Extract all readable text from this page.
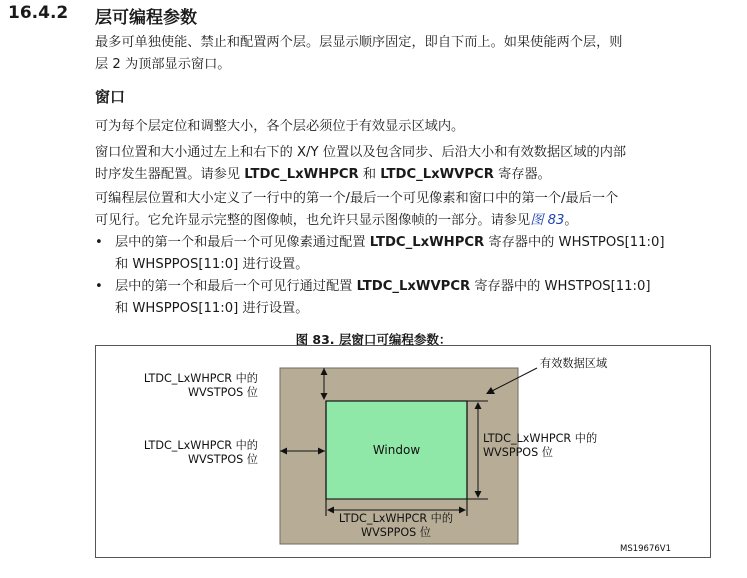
16.4.2 层可编程参数
最多可单独使能、禁止和配置两个层。层显示顺序固定，即自下而上。如果使能两个层，则
层 2 为顶部显示窗口。
窗口
可为每个层定位和调整大小，各个层必须位于有效显示区域内。
窗口位置和大小通过左上和右下的 X/Y 位置以及包含同步、后沿大小和有效数据区域的内部
时序发生器配置。请参见 LTDC_LxWHPCR 和 LTDC_LxWVPCR 寄存器。
可编程层位置和大小定义了一行中的第一个/最后一个可见像素和窗口中的第一个/最后一个
可见行。它允许显示完整的图像帧，也允许只显示图像帧的一部分。请参见图 83。
• 层中的第一个和最后一个可见像素通过配置 LTDC_LxWHPCR 寄存器中的 WHSTPOS[11:0]
和 WHSPPOS[11:0] 进行设置。
• 层中的第一个和最后一个可见行通过配置 LTDC_LxWVPCR 寄存器中的 WHSTPOS[11:0]
和 WHSPPOS[11:0] 进行设置。
图 83. 层窗口可编程参数：
Window
LTDC_LxWHPCR 中的
WVSTPOS 位
LTDC_LxWHPCR 中的
WVSTPOS 位
LTDC_LxWHPCR 中的
WVSPPOS 位
LTDC_LxWHPCR 中的
WVSPPOS 位
有效数据区域
MS19676V1
